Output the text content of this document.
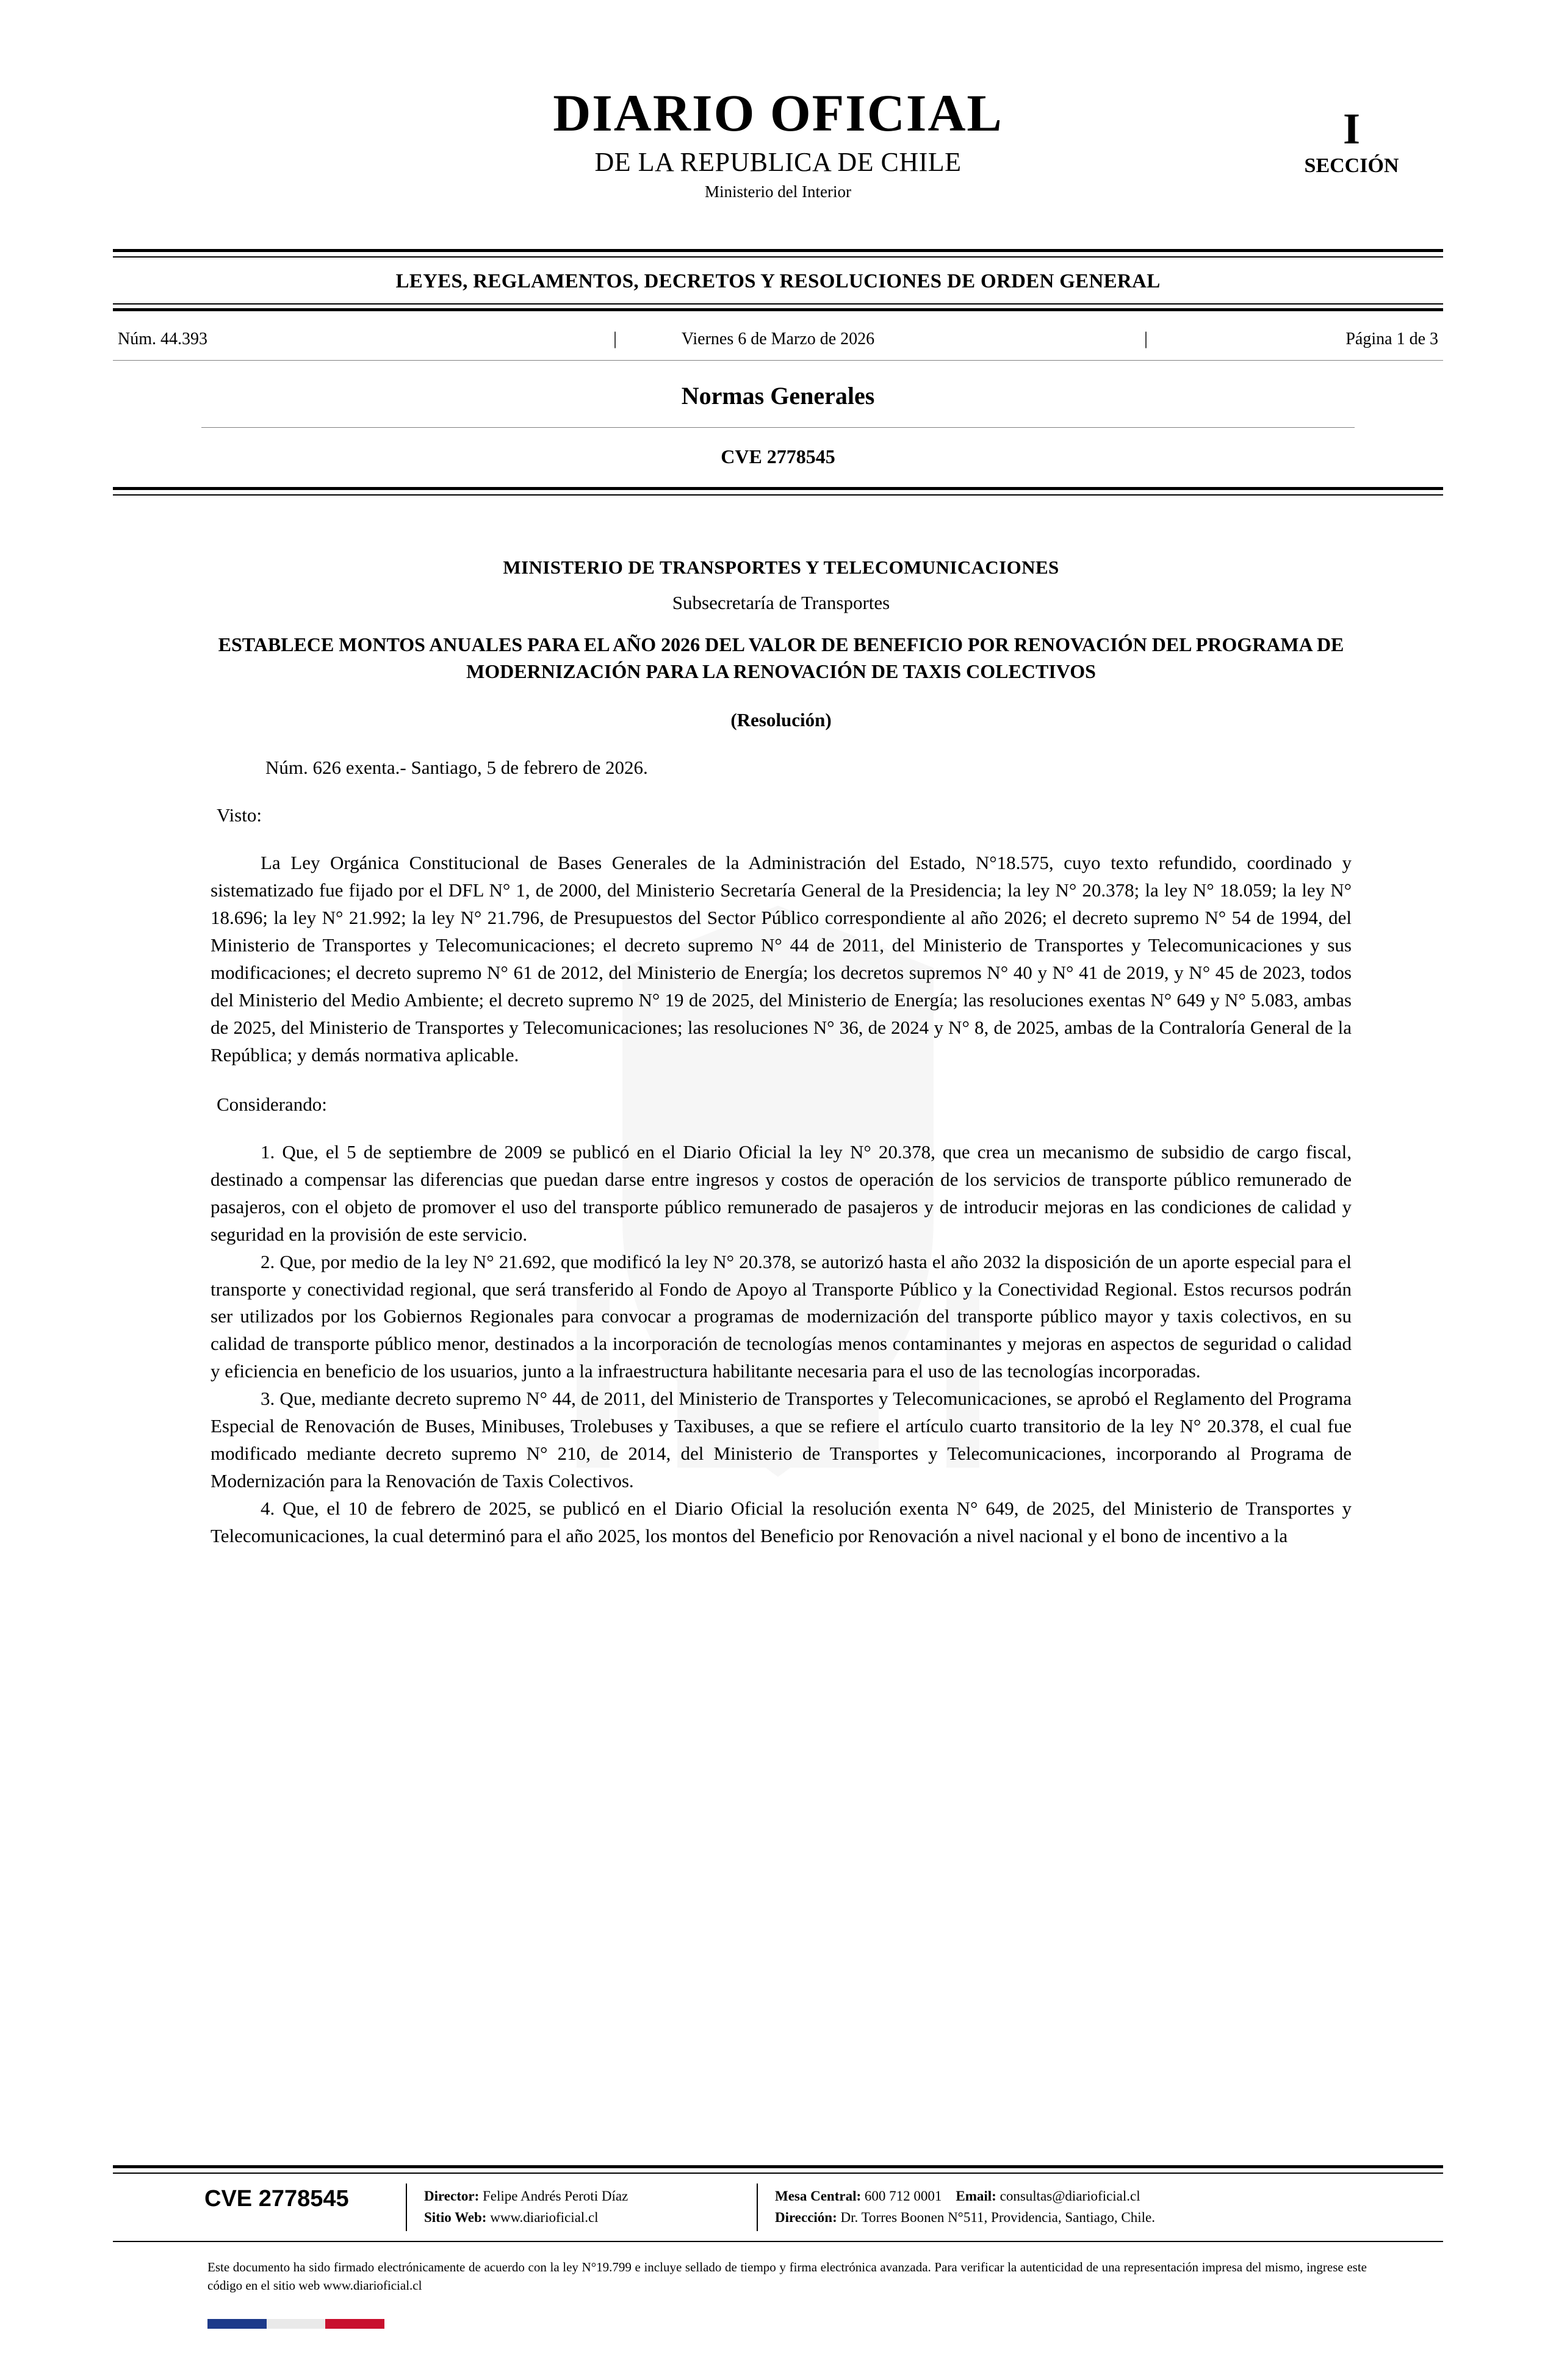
DIARIO OFICIAL
DE LA REPUBLICA DE CHILE
Ministerio del Interior
I
SECCIÓN
LEYES, REGLAMENTOS, DECRETOS Y RESOLUCIONES DE ORDEN GENERAL
Núm. 44.393	|	Viernes 6 de Marzo de 2026	|	Página 1 de 3
Normas Generales
CVE 2778545
MINISTERIO DE TRANSPORTES Y TELECOMUNICACIONES
Subsecretaría de Transportes
ESTABLECE MONTOS ANUALES PARA EL AÑO 2026 DEL VALOR DE BENEFICIO POR RENOVACIÓN DEL PROGRAMA DE MODERNIZACIÓN PARA LA RENOVACIÓN DE TAXIS COLECTIVOS
(Resolución)
Núm. 626 exenta.- Santiago, 5 de febrero de 2026.
Visto:

La Ley Orgánica Constitucional de Bases Generales de la Administración del Estado, N°18.575, cuyo texto refundido, coordinado y sistematizado fue fijado por el DFL N° 1, de 2000, del Ministerio Secretaría General de la Presidencia; la ley N° 20.378; la ley N° 18.059; la ley N° 18.696; la ley N° 21.992; la ley N° 21.796, de Presupuestos del Sector Público correspondiente al año 2026; el decreto supremo N° 54 de 1994, del Ministerio de Transportes y Telecomunicaciones; el decreto supremo N° 44 de 2011, del Ministerio de Transportes y Telecomunicaciones y sus modificaciones; el decreto supremo N° 61 de 2012, del Ministerio de Energía; los decretos supremos N° 40 y N° 41 de 2019, y N° 45 de 2023, todos del Ministerio del Medio Ambiente; el decreto supremo N° 19 de 2025, del Ministerio de Energía; las resoluciones exentas N° 649 y N° 5.083, ambas de 2025, del Ministerio de Transportes y Telecomunicaciones; las resoluciones N° 36, de 2024 y N° 8, de 2025, ambas de la Contraloría General de la República; y demás normativa aplicable.

Considerando:

1. Que, el 5 de septiembre de 2009 se publicó en el Diario Oficial la ley N° 20.378, que crea un mecanismo de subsidio de cargo fiscal, destinado a compensar las diferencias que puedan darse entre ingresos y costos de operación de los servicios de transporte público remunerado de pasajeros, con el objeto de promover el uso del transporte público remunerado de pasajeros y de introducir mejoras en las condiciones de calidad y seguridad en la provisión de este servicio.

2. Que, por medio de la ley N° 21.692, que modificó la ley N° 20.378, se autorizó hasta el año 2032 la disposición de un aporte especial para el transporte y conectividad regional, que será transferido al Fondo de Apoyo al Transporte Público y la Conectividad Regional. Estos recursos podrán ser utilizados por los Gobiernos Regionales para convocar a programas de modernización del transporte público mayor y taxis colectivos, en su calidad de transporte público menor, destinados a la incorporación de tecnologías menos contaminantes y mejoras en aspectos de seguridad o calidad y eficiencia en beneficio de los usuarios, junto a la infraestructura habilitante necesaria para el uso de las tecnologías incorporadas.

3. Que, mediante decreto supremo N° 44, de 2011, del Ministerio de Transportes y Telecomunicaciones, se aprobó el Reglamento del Programa Especial de Renovación de Buses, Minibuses, Trolebuses y Taxibuses, a que se refiere el artículo cuarto transitorio de la ley N° 20.378, el cual fue modificado mediante decreto supremo N° 210, de 2014, del Ministerio de Transportes y Telecomunicaciones, incorporando al Programa de Modernización para la Renovación de Taxis Colectivos.

4. Que, el 10 de febrero de 2025, se publicó en el Diario Oficial la resolución exenta N° 649, de 2025, del Ministerio de Transportes y Telecomunicaciones, la cual determinó para el año 2025, los montos del Beneficio por Renovación a nivel nacional y el bono de incentivo a la

CVE 2778545	Director: Felipe Andrés Peroti Díaz
Sitio Web: www.diarioficial.cl
Mesa Central: 600 712 0001 Email: consultas@diarioficial.cl
Dirección: Dr. Torres Boonen N°511, Providencia, Santiago, Chile.
Este documento ha sido firmado electrónicamente de acuerdo con la ley N°19.799 e incluye sellado de tiempo y firma electrónica avanzada. Para verificar la autenticidad de una representación impresa del mismo, ingrese este código en el sitio web www.diarioficial.cl
